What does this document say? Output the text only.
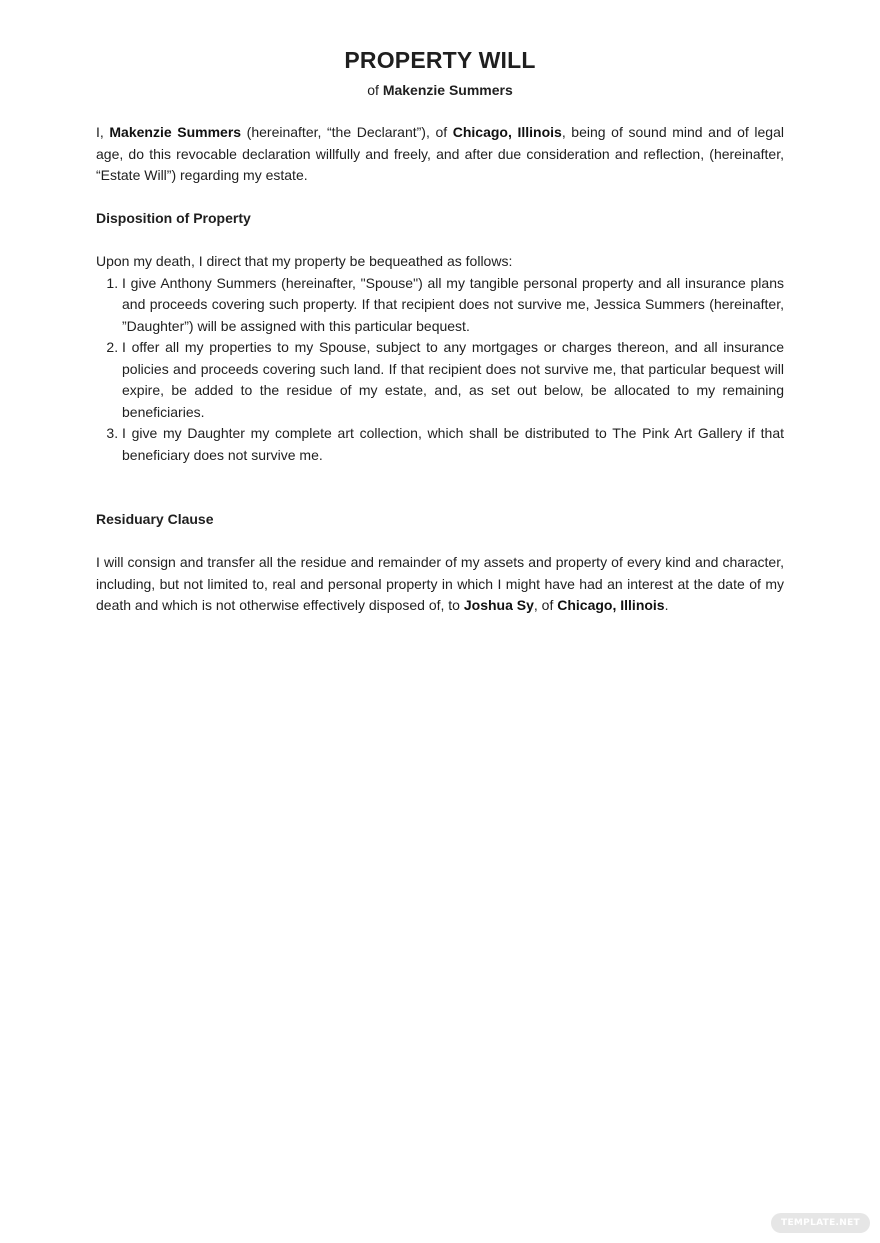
PROPERTY WILL

of Makenzie Summers

I, Makenzie Summers (hereinafter, “the Declarant”), of Chicago, Illinois, being of sound mind and of legal age, do this revocable declaration willfully and freely, and after due consideration and reflection, (hereinafter, “Estate Will”) regarding my estate.

Disposition of Property

Upon my death, I direct that my property be bequeathed as follows:

1. I give Anthony Summers (hereinafter, "Spouse") all my tangible personal property and all insurance plans and proceeds covering such property. If that recipient does not survive me, Jessica Summers (hereinafter, ”Daughter”) will be assigned with this particular bequest.
2. I offer all my properties to my Spouse, subject to any mortgages or charges thereon, and all insurance policies and proceeds covering such land. If that recipient does not survive me, that particular bequest will expire, be added to the residue of my estate, and, as set out below, be allocated to my remaining beneficiaries.
3. I give my Daughter my complete art collection, which shall be distributed to The Pink Art Gallery if that beneficiary does not survive me.

Residuary Clause

I will consign and transfer all the residue and remainder of my assets and property of every kind and character, including, but not limited to, real and personal property in which I might have had an interest at the date of my death and which is not otherwise effectively disposed of, to Joshua Sy, of Chicago, Illinois.

TEMPLATE.NET
